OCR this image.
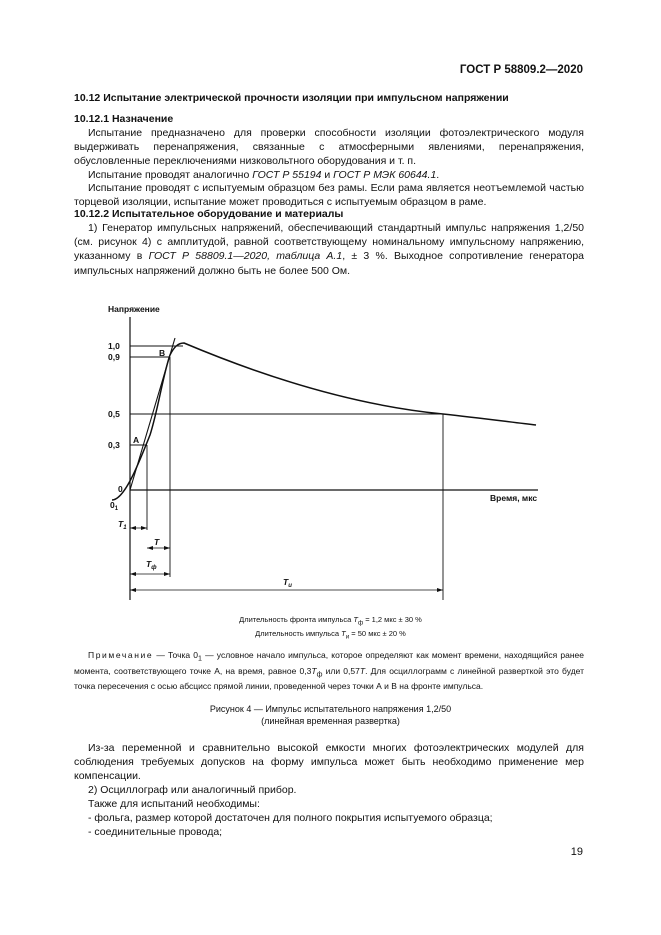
ГОСТ Р 58809.2—2020
10.12 Испытание электрической прочности изоляции при импульсном напряжении
10.12.1 Назначение
Испытание предназначено для проверки способности изоляции фотоэлектрического модуля выдерживать перенапряжения, связанные с атмосферными явлениями, перенапряжения, обусловленные переключениями низковольтного оборудования и т. п.
Испытание проводят аналогично ГОСТ Р 55194 и ГОСТ Р МЭК 60644.1.
Испытание проводят с испытуемым образцом без рамы. Если рама является неотъемлемой частью торцевой изоляции, испытание может проводиться с испытуемым образцом в раме.
10.12.2 Испытательное оборудование и материалы
1) Генератор импульсных напряжений, обеспечивающий стандартный импульс напряжения 1,2/50 (см. рисунок 4) с амплитудой, равной соответствующему номинальному импульсному напряжению, указанному в ГОСТ Р 58809.1—2020, таблица А.1, ± 3 %. Выходное сопротивление генератора импульсных напряжений должно быть не более 500 Ом.
Напряжение
Время, мкс
1,0
0,9
0,5
0,3
0
A
B
$0_1$
$T_1$
T
$T_ф$
$T_и$
Длительность фронта импульса $T_ф = 1,2$ мкс ± 30 %
Длительность импульса $T_и = 50$ мкс ± 20 %
Примечание — Точка $0_1$ — условное начало импульса, которое определяют как момент времени, находящийся ранее момента, соответствующего точке А, на время, равное $0,3T_ф$ или 0,57T. Для осциллограмм с линейной разверткой это будет точка пересечения с осью абсцисс прямой линии, проведенной через точки А и В на фронте импульса.
Рисунок 4 — Импульс испытательного напряжения 1,2/50
(линейная временная развертка)
Из-за переменной и сравнительно высокой емкости многих фотоэлектрических модулей для соблюдения требуемых допусков на форму импульса может быть необходимо применение мер компенсации.
2) Осциллограф или аналогичный прибор.
Также для испытаний необходимы:
- фольга, размер которой достаточен для полного покрытия испытуемого образца;
- соединительные провода;
19
